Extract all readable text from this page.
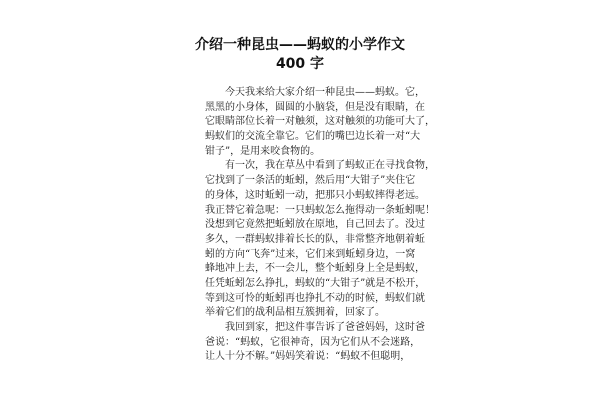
介绍一种昆虫——蚂蚁的小学作文
400 字
今天我来给大家介绍一种昆虫——蚂蚁。它，
黑黑的小身体，圆圆的小脑袋，但是没有眼睛，在
它眼睛部位长着一对触须，这对触须的功能可大了，
蚂蚁们的交流全靠它。它们的嘴巴边长着一对“大
钳子”，是用来咬食物的。
有一次，我在草丛中看到了蚂蚁正在寻找食物，
它找到了一条活的蚯蚓，然后用“大钳子”夹住它
的身体，这时蚯蚓一动，把那只小蚂蚁摔得老远。
我正替它着急呢：一只蚂蚁怎么拖得动一条蚯蚓呢！
没想到它竟然把蚯蚓放在原地，自己回去了。没过
多久，一群蚂蚁排着长长的队，非常整齐地朝着蚯
蚓的方向“飞奔”过来，它们来到蚯蚓身边，一窝
蜂地冲上去，不一会儿，整个蚯蚓身上全是蚂蚁，
任凭蚯蚓怎么挣扎，蚂蚁的“大钳子”就是不松开，
等到这可怜的蚯蚓再也挣扎不动的时候，蚂蚁们就
举着它们的战利品相互簇拥着，回家了。
我回到家，把这件事告诉了爸爸妈妈，这时爸
爸说：“蚂蚁，它很神奇，因为它们从不会迷路，
让人十分不解。”妈妈笑着说：“蚂蚁不但聪明，
